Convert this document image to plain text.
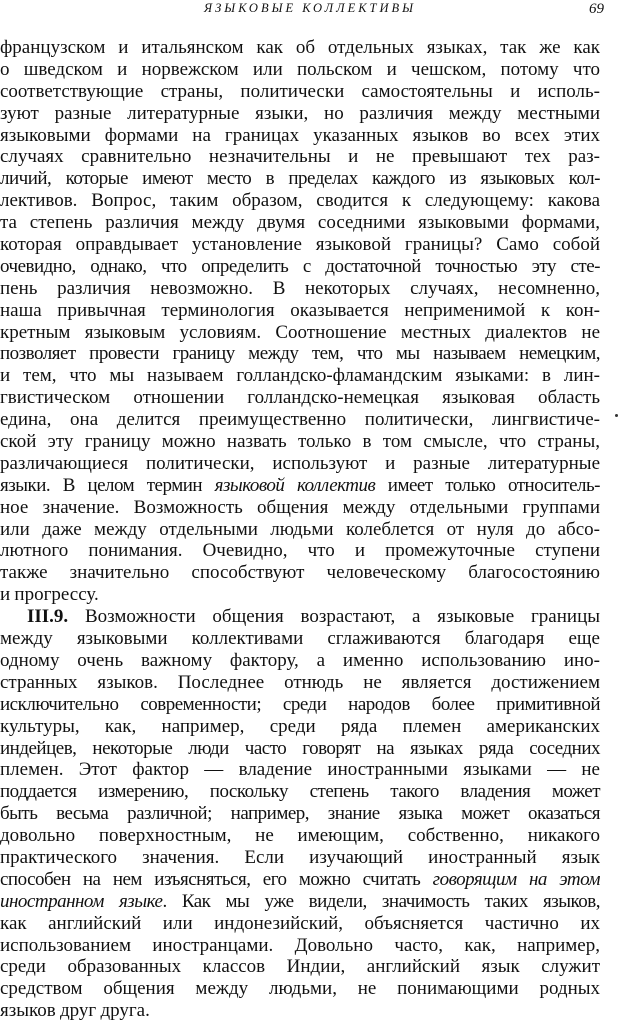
ЯЗЫКОВЫЕ КОЛЛЕКТИВЫ	69
французском и итальянском как об отдельных языках, так же как
о шведском и норвежском или польском и чешском, потому что
соответствующие страны, политически самостоятельны и исполь-
зуют разные литературные языки, но различия между местными
языковыми формами на границах указанных языков во всех этих
случаях сравнительно незначительны и не превышают тех раз-
личий, которые имеют место в пределах каждого из языковых кол-
лективов. Вопрос, таким образом, сводится к следующему: какова
та степень различия между двумя соседними языковыми формами,
которая оправдывает установление языковой границы? Само собой
очевидно, однако, что определить с достаточной точностью эту сте-
пень различия невозможно. В некоторых случаях, несомненно,
наша привычная терминология оказывается неприменимой к кон-
кретным языковым условиям. Соотношение местных диалектов не
позволяет провести границу между тем, что мы называем немецким,
и тем, что мы называем голландско-фламандским языками: в лин-
гвистическом отношении голландско-немецкая языковая область
едина, она делится преимущественно политически, лингвистиче-
ской эту границу можно назвать только в том смысле, что страны,
различающиеся политически, используют и разные литературные
языки. В целом термин языковой коллектив имеет только относитель-
ное значение. Возможность общения между отдельными группами
или даже между отдельными людьми колеблется от нуля до абсо-
лютного понимания. Очевидно, что и промежуточные ступени
также значительно способствуют человеческому благосостоянию
и прогрессу.
III.9. Возможности общения возрастают, а языковые границы
между языковыми коллективами сглаживаются благодаря еще
одному очень важному фактору, а именно использованию ино-
странных языков. Последнее отнюдь не является достижением
исключительно современности; среди народов более примитивной
культуры, как, например, среди ряда племен американских
индейцев, некоторые люди часто говорят на языках ряда соседних
племен. Этот фактор — владение иностранными языками — не
поддается измерению, поскольку степень такого владения может
быть весьма различной; например, знание языка может оказаться
довольно поверхностным, не имеющим, собственно, никакого
практического значения. Если изучающий иностранный язык
способен на нем изъясняться, его можно считать говорящим на этом
иностранном языке. Как мы уже видели, значимость таких языков,
как английский или индонезийский, объясняется частично их
использованием иностранцами. Довольно часто, как, например,
среди образованных классов Индии, английский язык служит
средством общения между людьми, не понимающими родных
языков друг друга.
